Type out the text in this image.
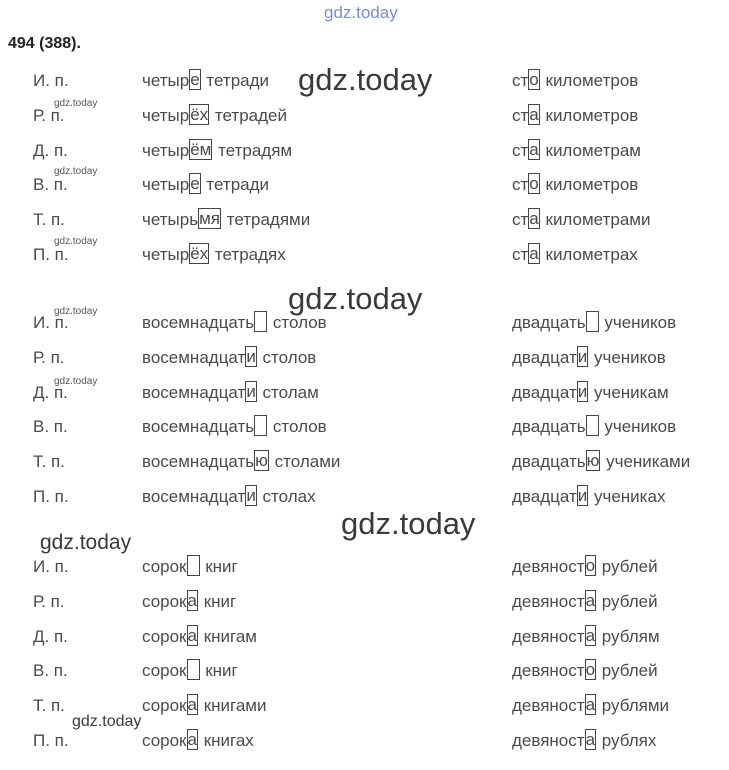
gdz.today
494 (388).
gdz.today
gdz.today
gdz.today
gdz.today
gdz.today
gdz.today
gdz.today
gdz.today
gdz.today
gdz.today
И. п.	четыре тетради	сто километров
Р. п.	четырёх тетрадей	ста километров
Д. п.	четырём тетрадям	ста километрам
В. п.	четыре тетради	сто километров
Т. п.	четырьмя тетрадями	ста километрами
П. п.	четырёх тетрадях	ста километрах
И. п.	восемнадцать столов	двадцать учеников
Р. п.	восемнадцати столов	двадцати учеников
Д. п.	восемнадцати столам	двадцати ученикам
В. п.	восемнадцать столов	двадцать учеников
Т. п.	восемнадцатью столами	двадцатью учениками
П. п.	восемнадцати столах	двадцати учениках
И. п.	сорок книг	девяносто рублей
Р. п.	сорока книг	девяноста рублей
Д. п.	сорока книгам	девяноста рублям
В. п.	сорок книг	девяносто рублей
Т. п.	сорока книгами	девяноста рублями
П. п.	сорока книгах	девяноста рублях
